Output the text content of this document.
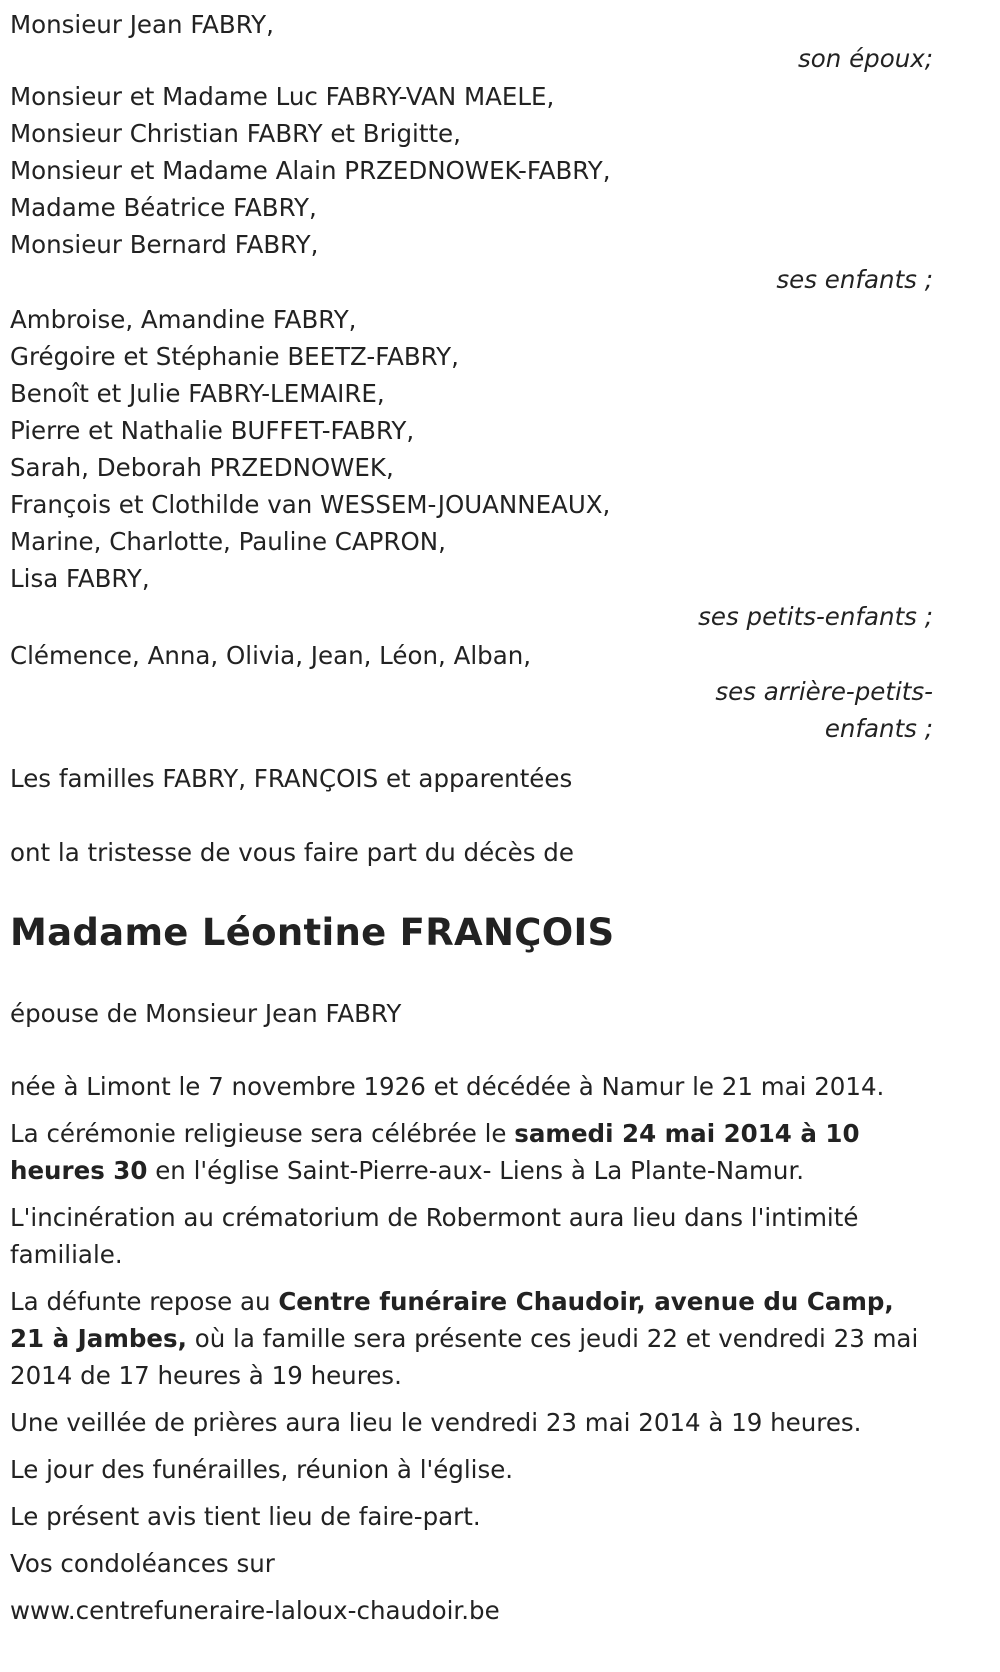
Monsieur Jean FABRY,
son époux;
Monsieur et Madame Luc FABRY-VAN MAELE,
Monsieur Christian FABRY et Brigitte,
Monsieur et Madame Alain PRZEDNOWEK-FABRY,
Madame Béatrice FABRY,
Monsieur Bernard FABRY,
ses enfants ;
Ambroise, Amandine FABRY,
Grégoire et Stéphanie BEETZ-FABRY,
Benoît et Julie FABRY-LEMAIRE,
Pierre et Nathalie BUFFET-FABRY,
Sarah, Deborah PRZEDNOWEK,
François et Clothilde van WESSEM-JOUANNEAUX,
Marine, Charlotte, Pauline CAPRON,
Lisa FABRY,
ses petits-enfants ;
Clémence, Anna, Olivia, Jean, Léon, Alban,
ses arrière-petits-
enfants ;

Les familles FABRY, FRANÇOIS et apparentées

ont la tristesse de vous faire part du décès de

Madame Léontine FRANÇOIS

épouse de Monsieur Jean FABRY

née à Limont le 7 novembre 1926 et décédée à Namur le 21 mai 2014.

La cérémonie religieuse sera célébrée le samedi 24 mai 2014 à 10 heures 30 en l'église Saint-Pierre-aux- Liens à La Plante-Namur.

L'incinération au crématorium de Robermont aura lieu dans l'intimité familiale.

La défunte repose au Centre funéraire Chaudoir, avenue du Camp, 21 à Jambes, où la famille sera présente ces jeudi 22 et vendredi 23 mai 2014 de 17 heures à 19 heures.

Une veillée de prières aura lieu le vendredi 23 mai 2014 à 19 heures.

Le jour des funérailles, réunion à l'église.

Le présent avis tient lieu de faire-part.

Vos condoléances sur

www.centrefuneraire-laloux-chaudoir.be
